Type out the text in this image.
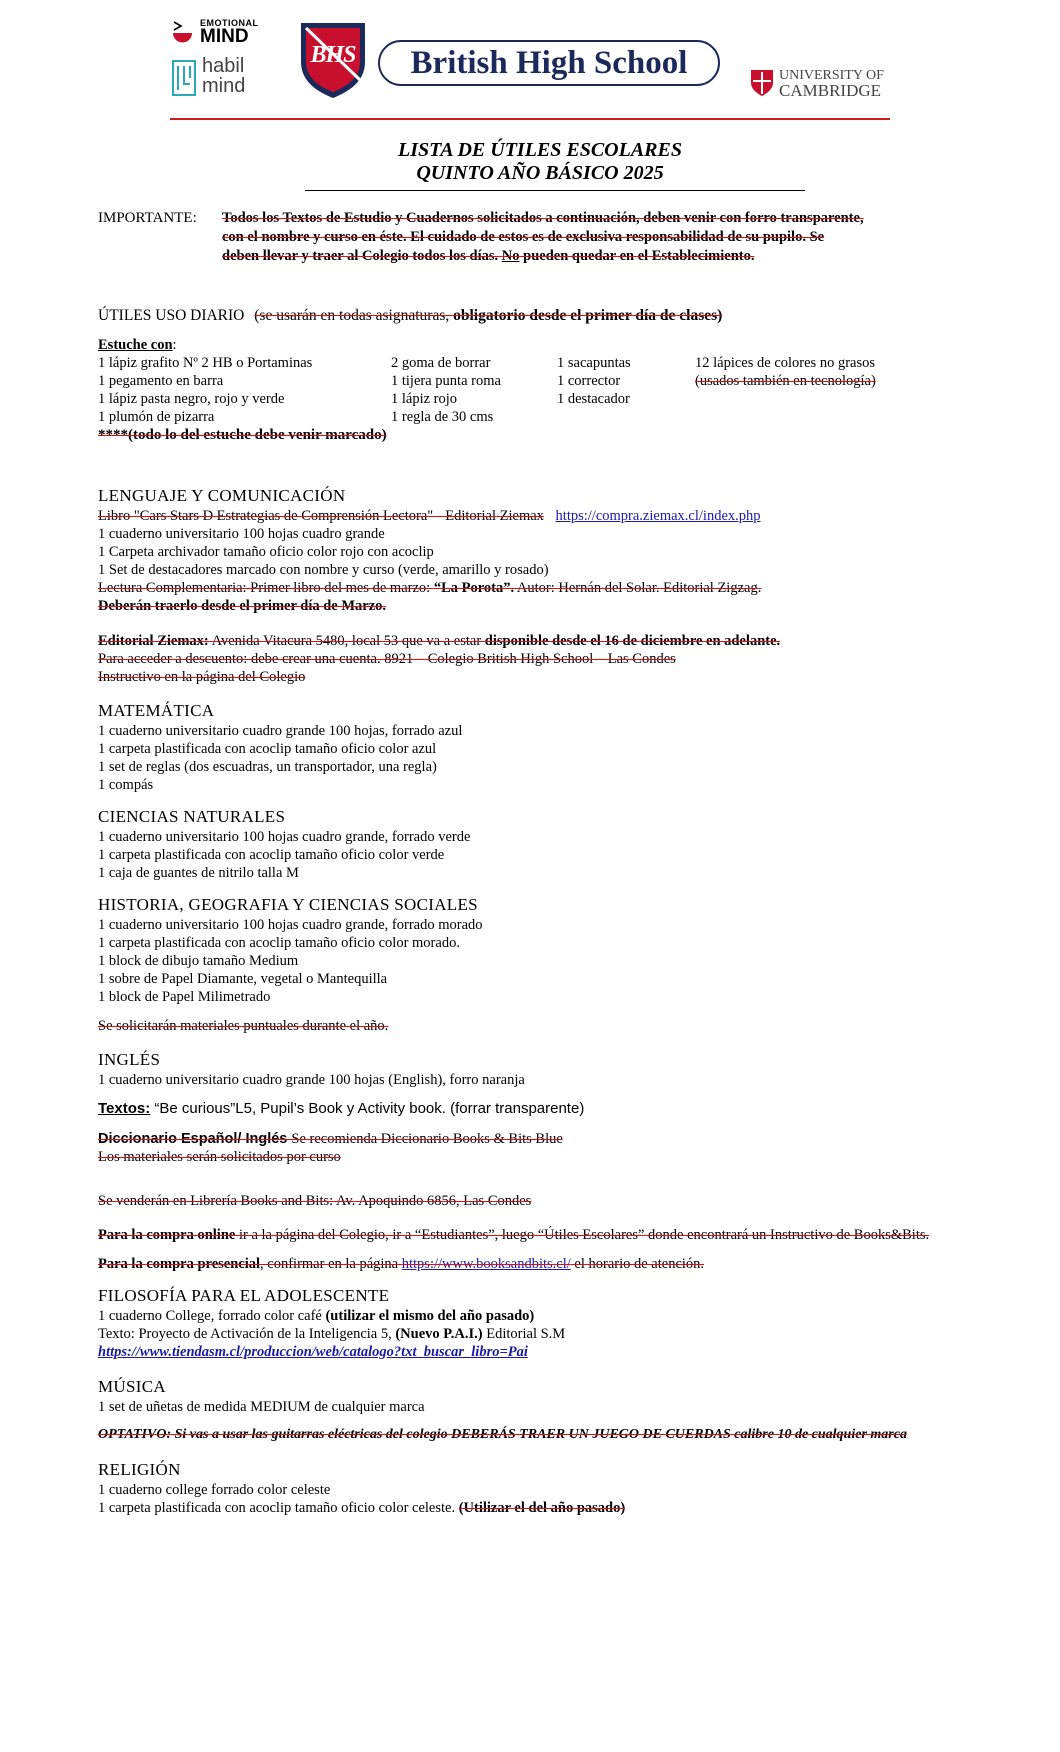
EMOTIONAL
MIND
habil
mind
BHS	British High School	UNIVERSITY OF
CAMBRIDGE
LISTA DE ÚTILES ESCOLARES
QUINTO AÑO BÁSICO 2025
IMPORTANTE: Todos los Textos de Estudio y Cuadernos solicitados a continuación, deben venir con forro transparente,
con el nombre y curso en éste. El cuidado de estos es de exclusiva responsabilidad de su pupilo. Se
deben llevar y traer al Colegio todos los días. No pueden quedar en el Establecimiento.
ÚTILES USO DIARIO (se usarán en todas asignaturas, obligatorio desde el primer día de clases)
Estuche con:
1 lápiz grafito Nº 2 HB o Portaminas
1 pegamento en barra
1 lápiz pasta negro, rojo y verde
1 plumón de pizarra
2 goma de borrar
1 tijera punta roma
1 lápiz rojo
1 regla de 30 cms
1 sacapuntas
1 corrector
1 destacador
12 lápices de colores no grasos
(usados también en tecnología)
****(todo lo del estuche debe venir marcado)
LENGUAJE Y COMUNICACIÓN
Libro "Cars Stars D Estrategias de Comprensión Lectora" - Editorial Ziemax https://compra.ziemax.cl/index.php
1 cuaderno universitario 100 hojas cuadro grande
1 Carpeta archivador tamaño oficio color rojo con acoclip
1 Set de destacadores marcado con nombre y curso (verde, amarillo y rosado)
Lectura Complementaria: Primer libro del mes de marzo: “La Porota”. Autor: Hernán del Solar. Editorial Zigzag.
Deberán traerlo desde el primer día de Marzo.
Editorial Ziemax: Avenida Vitacura 5480, local 53 que va a estar disponible desde el 16 de diciembre en adelante.
Para acceder a descuento: debe crear una cuenta. 8921 – Colegio British High School – Las Condes
Instructivo en la página del Colegio
MATEMÁTICA
1 cuaderno universitario cuadro grande 100 hojas, forrado azul
1 carpeta plastificada con acoclip tamaño oficio color azul
1 set de reglas (dos escuadras, un transportador, una regla)
1 compás
CIENCIAS NATURALES
1 cuaderno universitario 100 hojas cuadro grande, forrado verde
1 carpeta plastificada con acoclip tamaño oficio color verde
1 caja de guantes de nitrilo talla M
HISTORIA, GEOGRAFIA Y CIENCIAS SOCIALES
1 cuaderno universitario 100 hojas cuadro grande, forrado morado
1 carpeta plastificada con acoclip tamaño oficio color morado.
1 block de dibujo tamaño Medium
1 sobre de Papel Diamante, vegetal o Mantequilla
1 block de Papel Milimetrado
Se solicitarán materiales puntuales durante el año.
INGLÉS
1 cuaderno universitario cuadro grande 100 hojas (English), forro naranja
Textos: “Be curious”L5, Pupil’s Book y Activity book. (forrar transparente)
Diccionario Español/ Inglés Se recomienda Diccionario Books & Bits Blue
Los materiales serán solicitados por curso
Se venderán en Librería Books and Bits: Av. Apoquindo 6856, Las Condes
Para la compra online ir a la página del Colegio, ir a “Estudiantes”, luego “Útiles Escolares” donde encontrará un Instructivo de Books&Bits.
Para la compra presencial, confirmar en la página https://www.booksandbits.cl/ el horario de atención.
FILOSOFÍA PARA EL ADOLESCENTE
1 cuaderno College, forrado color café (utilizar el mismo del año pasado)
Texto: Proyecto de Activación de la Inteligencia 5, (Nuevo P.A.I.) Editorial S.M
https://www.tiendasm.cl/produccion/web/catalogo?txt_buscar_libro=Pai
MÚSICA
1 set de uñetas de medida MEDIUM de cualquier marca
OPTATIVO: Si vas a usar las guitarras eléctricas del colegio DEBERÁS TRAER UN JUEGO DE CUERDAS calibre 10 de cualquier marca
RELIGIÓN
1 cuaderno college forrado color celeste
1 carpeta plastificada con acoclip tamaño oficio color celeste. (Utilizar el del año pasado)
